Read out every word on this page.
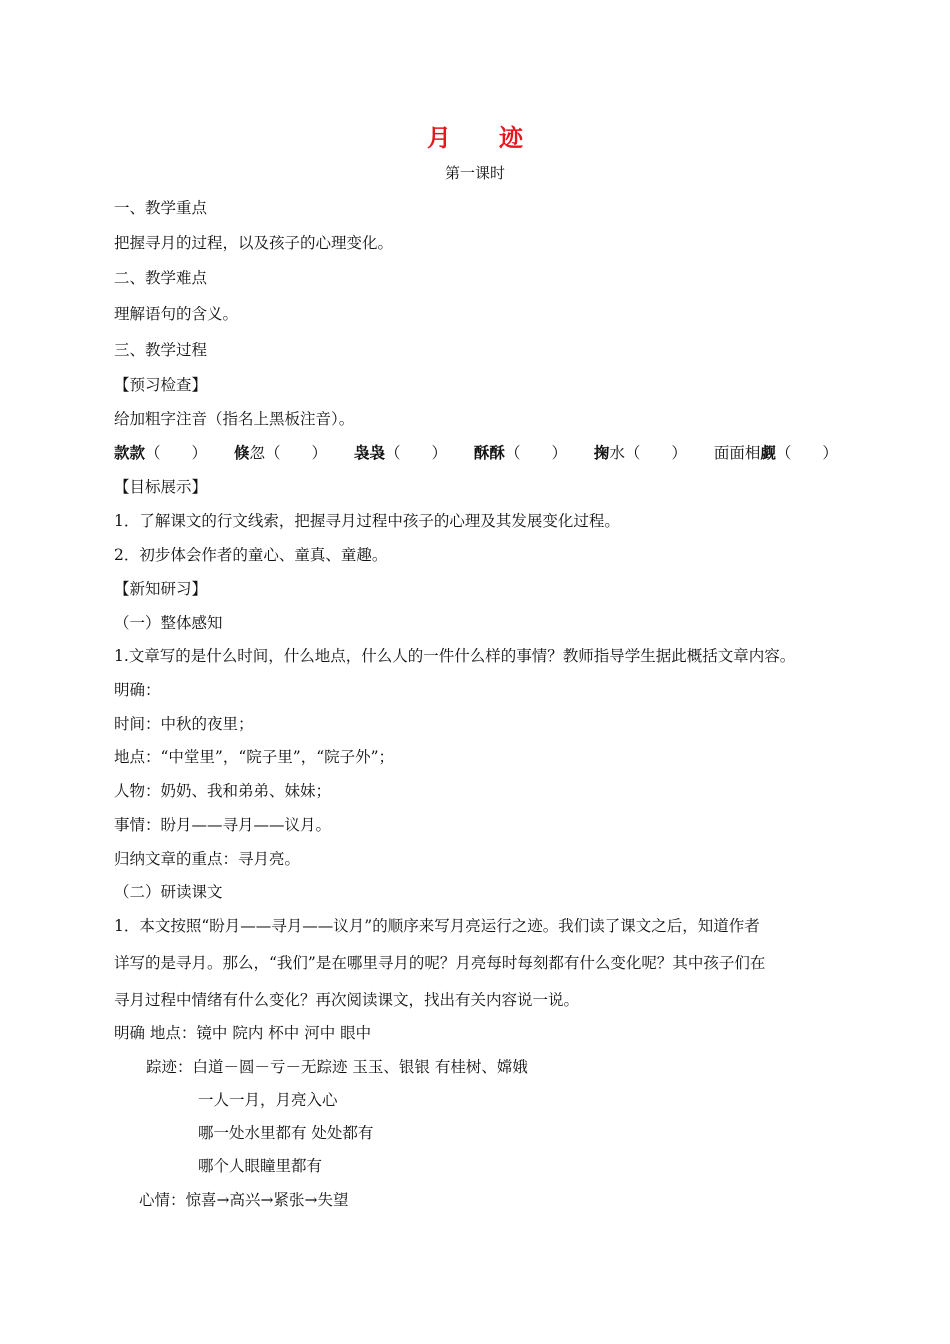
月 迹
第一课时
一、教学重点
把握寻月的过程，以及孩子的心理变化。
二、教学难点
理解语句的含义。
三、教学过程
【预习检查】
给加粗字注音（指名上黑板注音）。
款款（　　） 倏忽（　　） 袅袅（　　） 酥酥（　　） 掬水（　　） 面面相觑（　　）
【目标展示】
1．了解课文的行文线索，把握寻月过程中孩子的心理及其发展变化过程。
2．初步体会作者的童心、童真、童趣。
【新知研习】
（一）整体感知
1.文章写的是什么时间，什么地点，什么人的一件什么样的事情？教师指导学生据此概括文章内容。
明确：
时间：中秋的夜里；
地点：“中堂里”，“院子里”，“院子外”；
人物：奶奶、我和弟弟、妹妹；
事情：盼月——寻月——议月。
归纳文章的重点：寻月亮。
（二）研读课文
1．本文按照“盼月——寻月——议月”的顺序来写月亮运行之迹。我们读了课文之后，知道作者
详写的是寻月。那么，“我们”是在哪里寻月的呢？月亮每时每刻都有什么变化呢？其中孩子们在
寻月过程中情绪有什么变化？再次阅读课文，找出有关内容说一说。
明确 地点：镜中 院内 杯中 河中 眼中
踪迹：白道－圆－亏－无踪迹 玉玉、银银 有桂树、嫦娥
一人一月，月亮入心
哪一处水里都有 处处都有
哪个人眼瞳里都有
心情：惊喜→高兴→紧张→失望
